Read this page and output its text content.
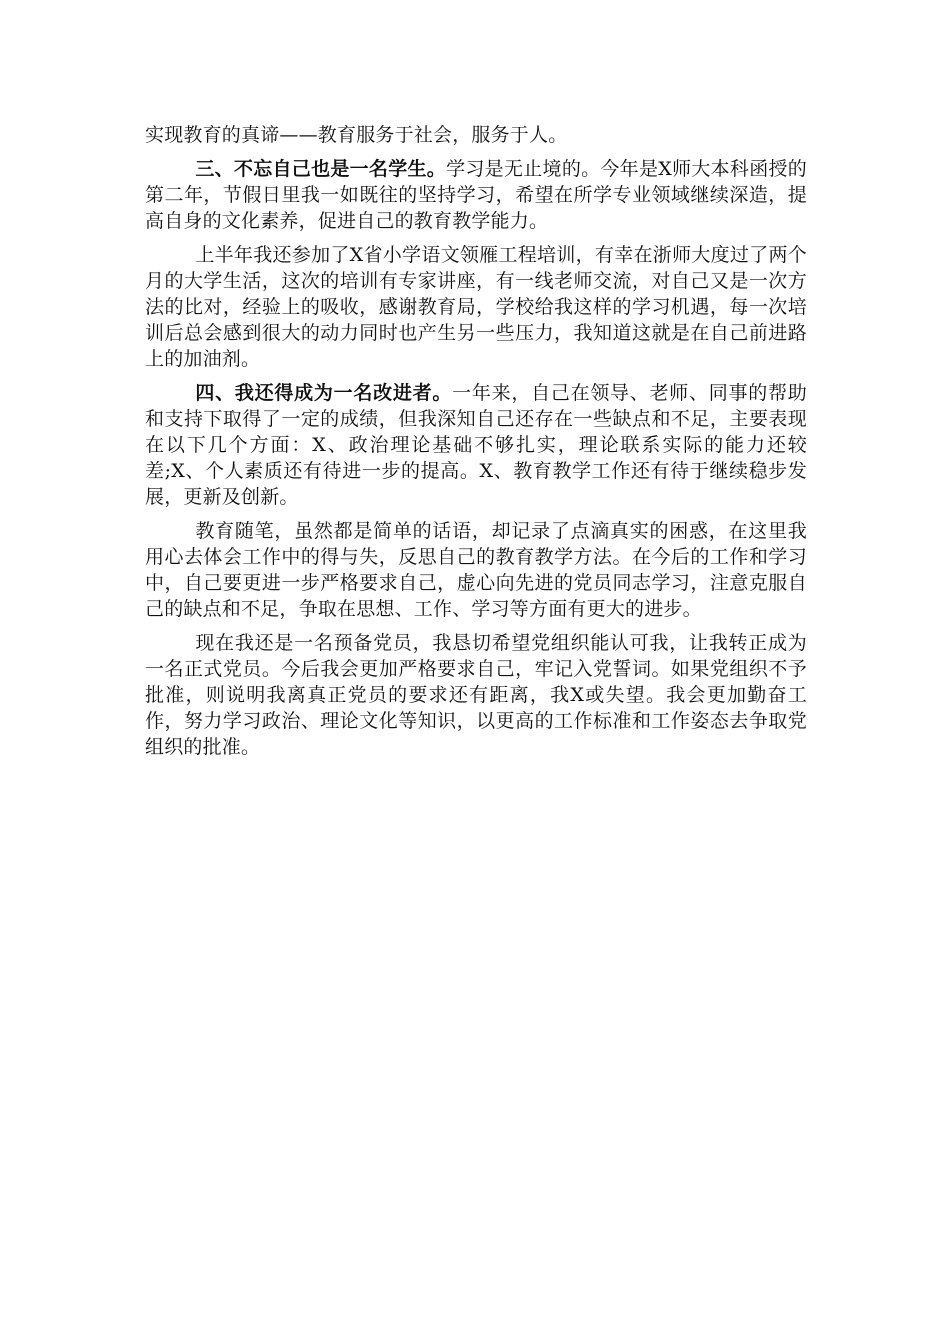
实现教育的真谛——教育服务于社会，服务于人。

三、不忘自己也是一名学生。学习是无止境的。今年是X师大本科函授的第二年，节假日里我一如既往的坚持学习，希望在所学专业领域继续深造，提高自身的文化素养，促进自己的教育教学能力。

上半年我还参加了X省小学语文领雁工程培训，有幸在浙师大度过了两个月的大学生活，这次的培训有专家讲座，有一线老师交流，对自己又是一次方法的比对，经验上的吸收，感谢教育局，学校给我这样的学习机遇，每一次培训后总会感到很大的动力同时也产生另一些压力，我知道这就是在自己前进路上的加油剂。

四、我还得成为一名改进者。一年来，自己在领导、老师、同事的帮助和支持下取得了一定的成绩，但我深知自己还存在一些缺点和不足，主要表现在以下几个方面：X、政治理论基础不够扎实，理论联系实际的能力还较差;X、个人素质还有待进一步的提高。X、教育教学工作还有待于继续稳步发展，更新及创新。

教育随笔，虽然都是简单的话语，却记录了点滴真实的困惑，在这里我用心去体会工作中的得与失，反思自己的教育教学方法。在今后的工作和学习中，自己要更进一步严格要求自己，虚心向先进的党员同志学习，注意克服自己的缺点和不足，争取在思想、工作、学习等方面有更大的进步。

现在我还是一名预备党员，我恳切希望党组织能认可我，让我转正成为一名正式党员。今后我会更加严格要求自己，牢记入党誓词。如果党组织不予批准，则说明我离真正党员的要求还有距离，我X或失望。我会更加勤奋工作，努力学习政治、理论文化等知识，以更高的工作标准和工作姿态去争取党组织的批准。
